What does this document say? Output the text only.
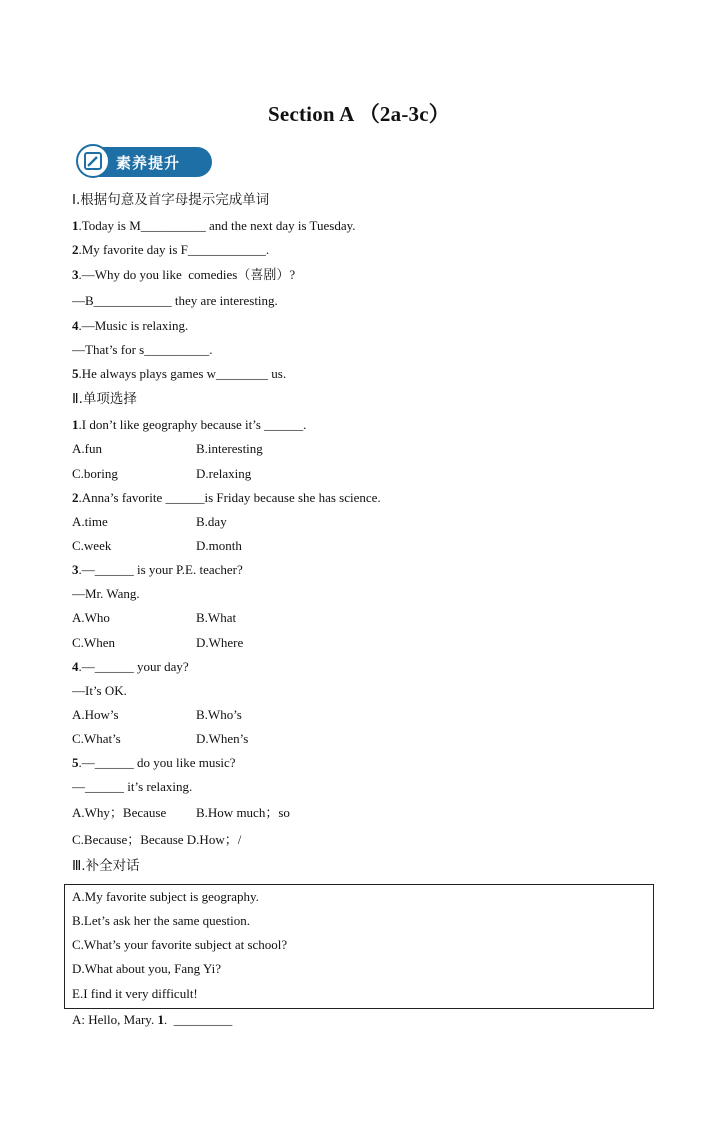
Section A （2a-3c）
素养提升
Ⅰ.根据句意及首字母提示完成单词
1.Today is M__________ and the next day is Tuesday.
2.My favorite day is F____________.
3.—Why do you like  comedies（喜剧）?
—B____________ they are interesting.
4.—Music is relaxing.
—That’s for s__________.
5.He always plays games w________ us.
Ⅱ.单项选择
1.I don’t like geography because it’s ______.
A.fun	B.interesting
C.boring	D.relaxing
2.Anna’s favorite ______is Friday because she has science.
A.time	B.day
C.week	D.month
3.—______ is your P.E. teacher?
—Mr. Wang.
A.Who	B.What
C.When	D.Where
4.—______ your day?
—It’s OK.
A.How’s	B.Who’s
C.What’s	D.When’s
5.—______ do you like music?
—______ it’s relaxing.
A.Why；Because B.How much；so
C.Because；Because D.How；/
Ⅲ.补全对话
A.My favorite subject is geography.
B.Let’s ask her the same question.
C.What’s your favorite subject at school?
D.What about you, Fang Yi?
E.I find it very difficult!
A: Hello, Mary. 1.  _________
